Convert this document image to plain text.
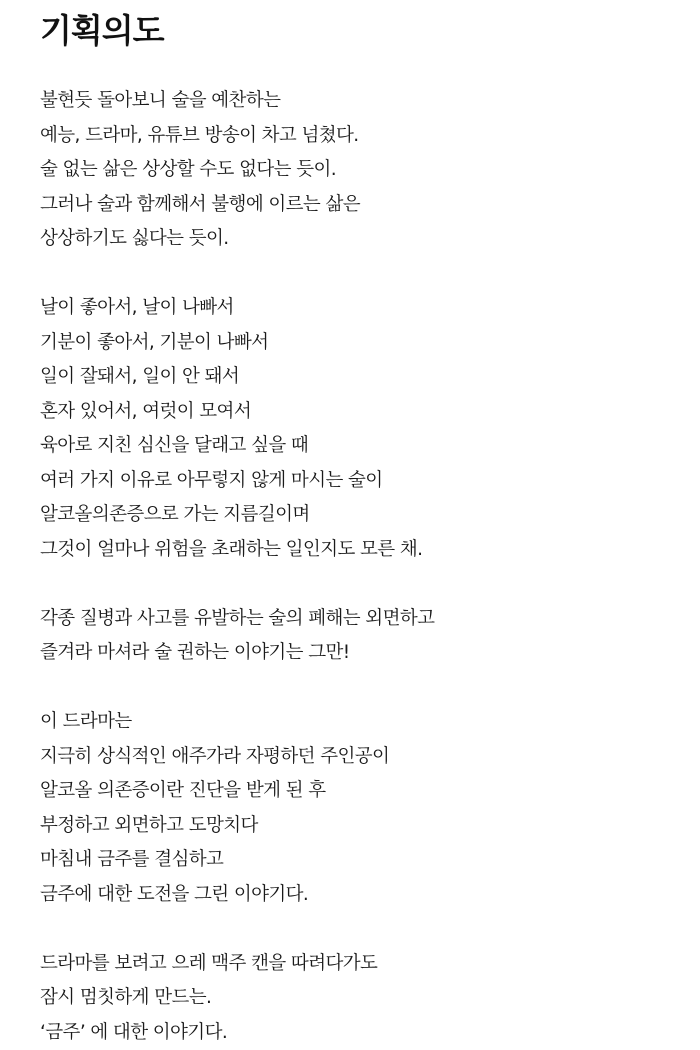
기획의도
불현듯 돌아보니 술을 예찬하는
예능, 드라마, 유튜브 방송이 차고 넘쳤다.
술 없는 삶은 상상할 수도 없다는 듯이.
그러나 술과 함께해서 불행에 이르는 삶은
상상하기도 싫다는 듯이.
날이 좋아서, 날이 나빠서
기분이 좋아서, 기분이 나빠서
일이 잘돼서, 일이 안 돼서
혼자 있어서, 여럿이 모여서
육아로 지친 심신을 달래고 싶을 때
여러 가지 이유로 아무렇지 않게 마시는 술이
알코올의존증으로 가는 지름길이며
그것이 얼마나 위험을 초래하는 일인지도 모른 채.
각종 질병과 사고를 유발하는 술의 폐해는 외면하고
즐겨라 마셔라 술 권하는 이야기는 그만!
이 드라마는
지극히 상식적인 애주가라 자평하던 주인공이
알코올 의존증이란 진단을 받게 된 후
부정하고 외면하고 도망치다
마침내 금주를 결심하고
금주에 대한 도전을 그린 이야기다.
드라마를 보려고 으레 맥주 캔을 따려다가도
잠시 멈칫하게 만드는.
‘금주’ 에 대한 이야기다.
